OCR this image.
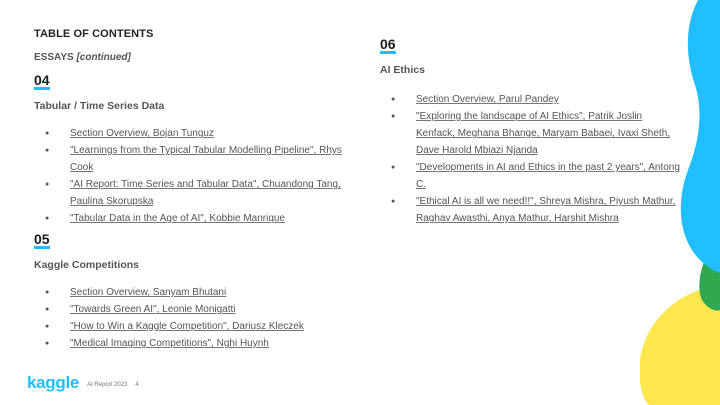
TABLE OF CONTENTS
ESSAYS [continued]
04
Tabular / Time Series Data
● Section Overview, Bojan Tunguz
● "Learnings from the Typical Tabular Modelling Pipeline", Rhys Cook
● "AI Report: Time Series and Tabular Data", Chuandong Tang, Paulina Skorupska
● "Tabular Data in the Age of AI", Kobbie Manrique
05
Kaggle Competitions
● Section Overview, Sanyam Bhutani
● "Towards Green AI", Leonie Monigatti
● "How to Win a Kaggle Competition", Dariusz Kleczek
● "Medical Imaging Competitions", Nghi Huynh
06
AI Ethics
● Section Overview, Parul Pandey
● "Exploring the landscape of AI Ethics", Patrik Joslin Kenfack, Meghana Bhange, Maryam Babaei, Ivaxi Sheth, Dave Harold Mbiazi Njanda
● "Developments in AI and Ethics in the past 2 years", Antong C.
● "Ethical AI is all we need!!", Shreya Mishra, Piyush Mathur, Raghav Awasthi, Anya Mathur, Harshit Mishra
kaggle AI Report 2023 4
